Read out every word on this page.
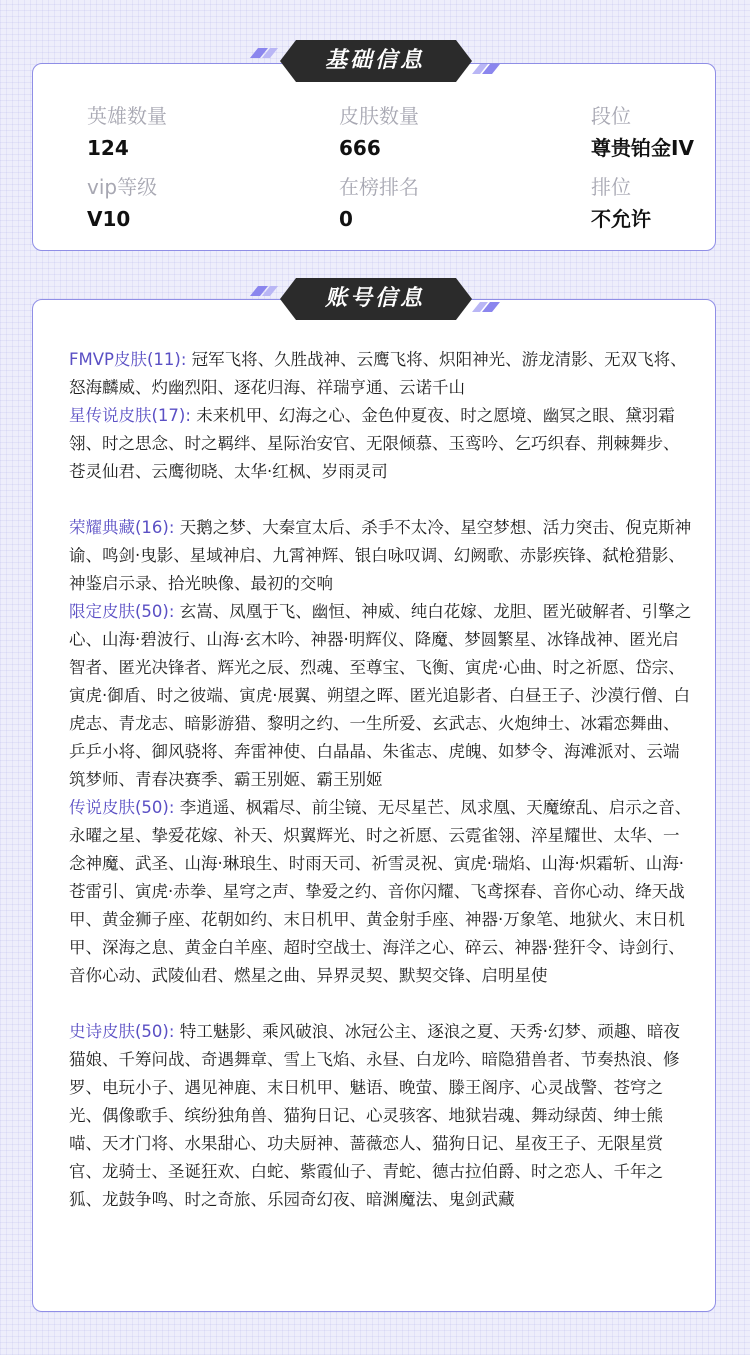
英雄数量
124
皮肤数量
666
段位
尊贵铂金IV
vip等级
V10
在榜排名
0
排位
不允许
基础信息

FMVP皮肤(11): 冠军飞将、久胜战神、云鹰飞将、炽阳神光、游龙清影、无双飞将、怒海麟威、灼幽烈阳、逐花归海、祥瑞亨通、云诺千山

星传说皮肤(17): 未来机甲、幻海之心、金色仲夏夜、时之愿境、幽冥之眼、黛羽霜翎、时之思念、时之羁绊、星际治安官、无限倾慕、玉鸾吟、乞巧织春、荆棘舞步、苍灵仙君、云鹰彻晓、太华·红枫、岁雨灵司

荣耀典藏(16): 天鹅之梦、大秦宣太后、杀手不太冷、星空梦想、活力突击、倪克斯神谕、鸣剑·曳影、星域神启、九霄神辉、银白咏叹调、幻阙歌、赤影疾锋、弑枪猎影、神鉴启示录、拾光映像、最初的交响

限定皮肤(50): 玄嵩、凤凰于飞、幽恒、神威、纯白花嫁、龙胆、匿光破解者、引擎之心、山海·碧波行、山海·玄木吟、神器·明辉仪、降魔、梦圆繁星、冰锋战神、匿光启智者、匿光决锋者、辉光之辰、烈魂、至尊宝、飞衡、寅虎·心曲、时之祈愿、岱宗、寅虎·御盾、时之彼端、寅虎·展翼、朔望之晖、匿光追影者、白昼王子、沙漠行僧、白虎志、青龙志、暗影游猎、黎明之约、一生所爱、玄武志、火炮绅士、冰霜恋舞曲、乒乒小将、御风骁将、奔雷神使、白晶晶、朱雀志、虎魄、如梦令、海滩派对、云端筑梦师、青春决赛季、霸王别姬、霸王别姬

传说皮肤(50): 李逍遥、枫霜尽、前尘镜、无尽星芒、凤求凰、天魔缭乱、启示之音、永曜之星、挚爱花嫁、补天、炽翼辉光、时之祈愿、云霓雀翎、淬星耀世、太华、一念神魔、武圣、山海·琳琅生、时雨天司、祈雪灵祝、寅虎·瑞焰、山海·炽霜斩、山海·苍雷引、寅虎·赤拳、星穹之声、挚爱之约、音你闪耀、飞鸢探春、音你心动、绛天战甲、黄金狮子座、花朝如约、末日机甲、黄金射手座、神器·万象笔、地狱火、末日机甲、深海之息、黄金白羊座、超时空战士、海洋之心、碎云、神器·狴犴令、诗剑行、音你心动、武陵仙君、燃星之曲、异界灵契、默契交锋、启明星使

史诗皮肤(50): 特工魅影、乘风破浪、冰冠公主、逐浪之夏、天秀·幻梦、顽趣、暗夜猫娘、千筹问战、奇遇舞章、雪上飞焰、永昼、白龙吟、暗隐猎兽者、节奏热浪、修罗、电玩小子、遇见神鹿、末日机甲、魅语、晚萤、滕王阁序、心灵战警、苍穹之光、偶像歌手、缤纷独角兽、猫狗日记、心灵骇客、地狱岩魂、舞动绿茵、绅士熊喵、天才门将、水果甜心、功夫厨神、蔷薇恋人、猫狗日记、星夜王子、无限星赏官、龙骑士、圣诞狂欢、白蛇、紫霞仙子、青蛇、德古拉伯爵、时之恋人、千年之狐、龙鼓争鸣、时之奇旅、乐园奇幻夜、暗渊魔法、鬼剑武藏

账号信息
